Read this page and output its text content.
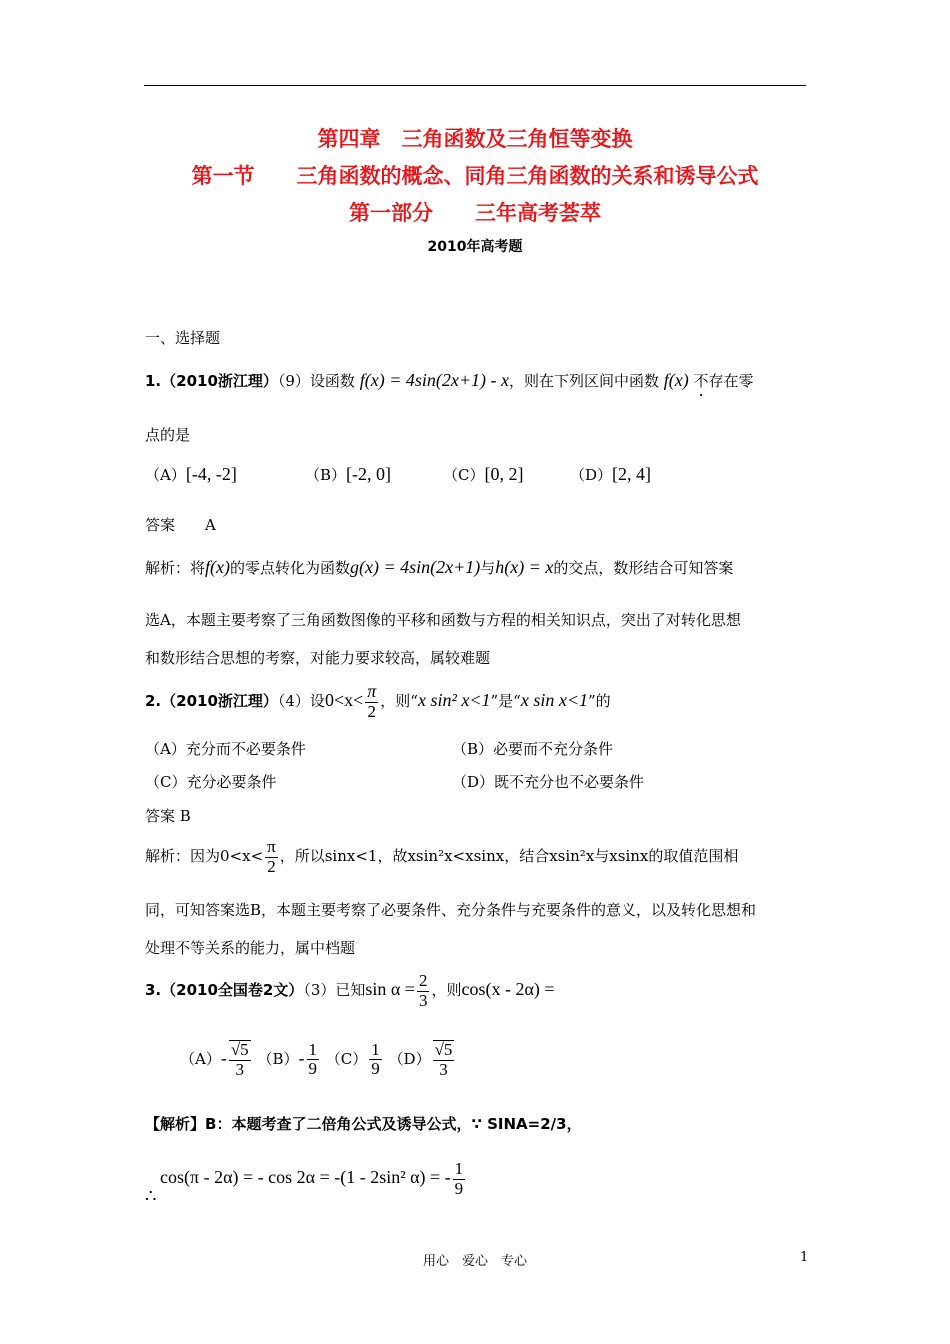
第四章　三角函数及三角恒等变换
第一节　　三角函数的概念、同角三角函数的关系和诱导公式
第一部分　　三年高考荟萃
2010年高考题
一、选择题
1.（2010浙江理）（9）设函数 f(x) = 4sin(2x+1) - x，则在下列区间中函数 f(x) 不存在零
点的是
（A）[-4, -2]	（B）[-2, 0]	（C）[0, 2]	（D）[2, 4]
答案　　A
解析：将f(x)的零点转化为函数g(x) = 4sin(2x+1)与h(x) = x的交点，数形结合可知答案
选A，本题主要考察了三角函数图像的平移和函数与方程的相关知识点，突出了对转化思想
和数形结合思想的考察，对能力要求较高，属较难题
2.（2010浙江理）（4）设$0<x< \frac{\pi}{2}$ ，则“x sin² x<1”是“x sin x<1”的
（A）充分而不必要条件	（B）必要而不充分条件
（C）充分必要条件	（D）既不充分也不必要条件
答案 B
解析：因为$0<x< \frac{\pi}{2}$ ，所以sinx<1，故xsin²x<xsinx，结合xsin²x与xsinx的取值范围相
同，可知答案选B，本题主要考察了必要条件、充分条件与充要条件的意义，以及转化思想和
处理不等关系的能力，属中档题
3.（2010全国卷2文）（3）已知$\sin \alpha = \frac{2}{3}$ ，则cos(x - 2α) =
$(A)- \frac{√5}{3} (B)- \frac{1}{9} (C) \frac{1}{9} (D) \frac{√5}{3}$
【解析】B：本题考查了二倍角公式及诱导公式，∵ SINA=2/3，
cos(π - 2α) = - cos 2α = -(1 - 2sin² α) = - $\frac{1}{9}$
∴
用心　爱心　专心	1
